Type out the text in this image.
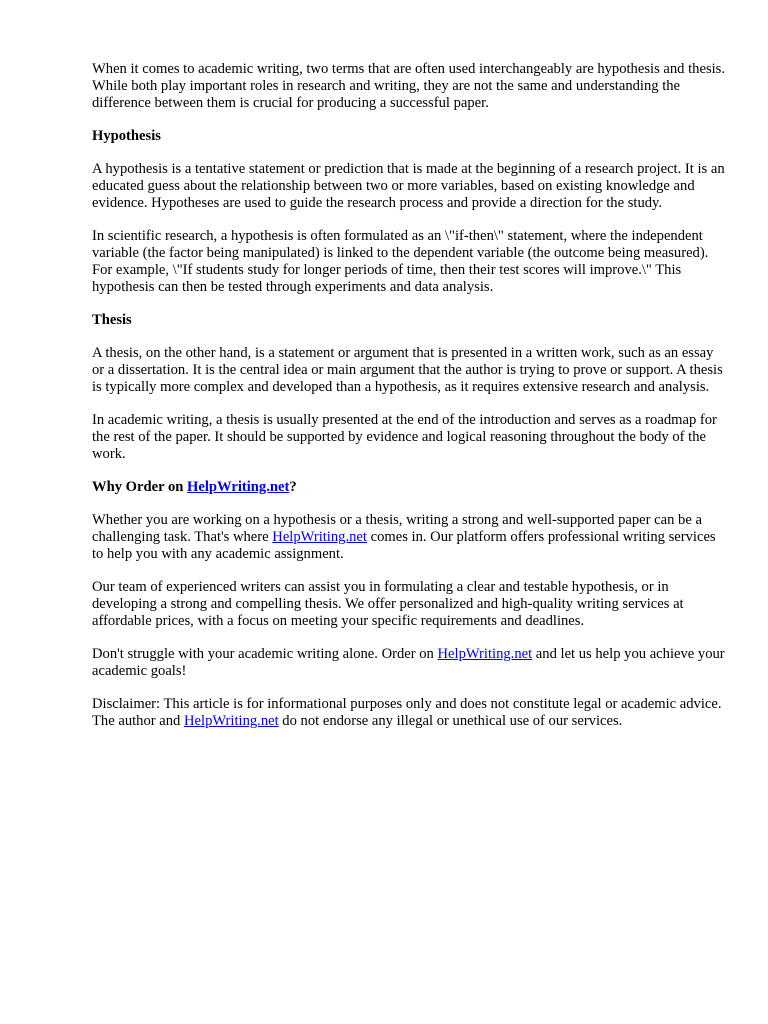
When it comes to academic writing, two terms that are often used interchangeably are hypothesis and thesis. While both play important roles in research and writing, they are not the same and understanding the difference between them is crucial for producing a successful paper.

Hypothesis

A hypothesis is a tentative statement or prediction that is made at the beginning of a research project. It is an educated guess about the relationship between two or more variables, based on existing knowledge and evidence. Hypotheses are used to guide the research process and provide a direction for the study.

In scientific research, a hypothesis is often formulated as an \"if-then\" statement, where the independent variable (the factor being manipulated) is linked to the dependent variable (the outcome being measured). For example, \"If students study for longer periods of time, then their test scores will improve.\" This hypothesis can then be tested through experiments and data analysis.

Thesis

A thesis, on the other hand, is a statement or argument that is presented in a written work, such as an essay or a dissertation. It is the central idea or main argument that the author is trying to prove or support. A thesis is typically more complex and developed than a hypothesis, as it requires extensive research and analysis.

In academic writing, a thesis is usually presented at the end of the introduction and serves as a roadmap for the rest of the paper. It should be supported by evidence and logical reasoning throughout the body of the work.

Why Order on HelpWriting.net?

Whether you are working on a hypothesis or a thesis, writing a strong and well-supported paper can be a challenging task. That's where HelpWriting.net comes in. Our platform offers professional writing services to help you with any academic assignment.

Our team of experienced writers can assist you in formulating a clear and testable hypothesis, or in developing a strong and compelling thesis. We offer personalized and high-quality writing services at affordable prices, with a focus on meeting your specific requirements and deadlines.

Don't struggle with your academic writing alone. Order on HelpWriting.net and let us help you achieve your academic goals!

Disclaimer: This article is for informational purposes only and does not constitute legal or academic advice. The author and HelpWriting.net do not endorse any illegal or unethical use of our services.
